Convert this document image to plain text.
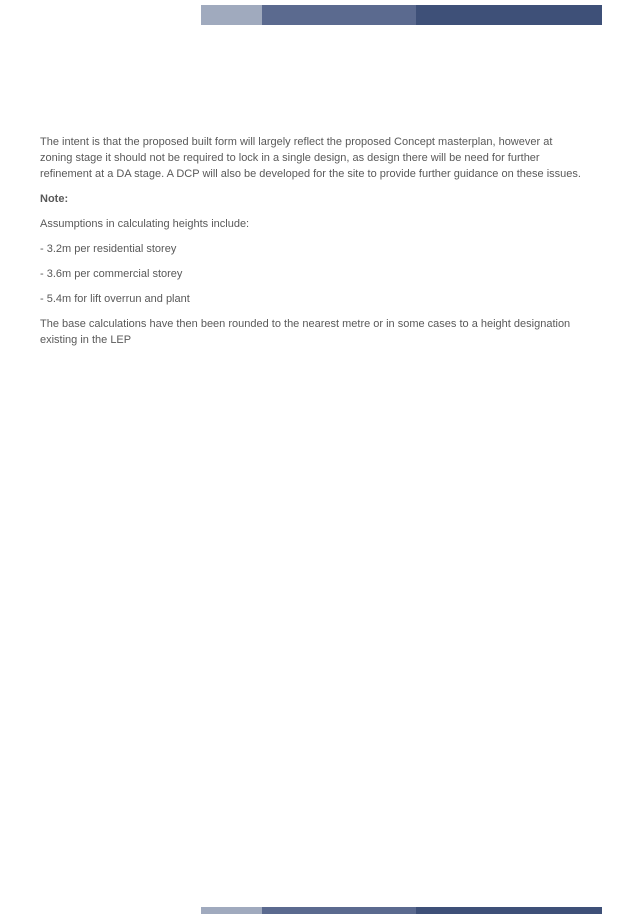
The intent is that the proposed built form will largely reflect the proposed Concept masterplan, however at zoning stage it should not be required to lock in a single design, as design there will be need for further refinement at a DA stage. A DCP will also be developed for the site to provide further guidance on these issues.

Note:

Assumptions in calculating heights include:

- 3.2m per residential storey

- 3.6m per commercial storey

- 5.4m for lift overrun and plant

The base calculations have then been rounded to the nearest metre or in some cases to a height designation existing in the LEP
